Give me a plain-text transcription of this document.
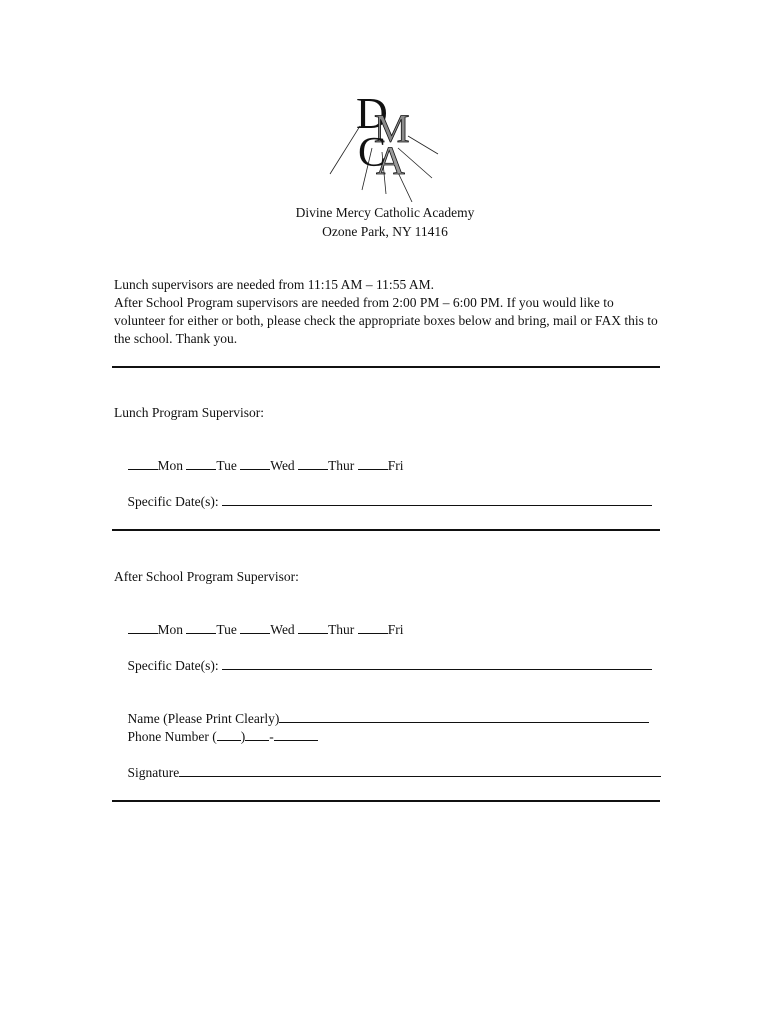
D
M
C
A
Divine Mercy Catholic Academy
Ozone Park, NY 11416

Lunch supervisors are needed from 11:15 AM – 11:55 AM.

After School Program supervisors are needed from 2:00 PM – 6:00 PM. If you would like to volunteer for either or both, please check the appropriate boxes below and bring, mail or FAX this to the school. Thank you.

Lunch Program Supervisor:

Mon Tue Wed Thur Fri

Specific Date(s):

After School Program Supervisor:

Mon Tue Wed Thur Fri

Specific Date(s):

Name (Please Print Clearly)

Phone Number ( ) -

Signature
